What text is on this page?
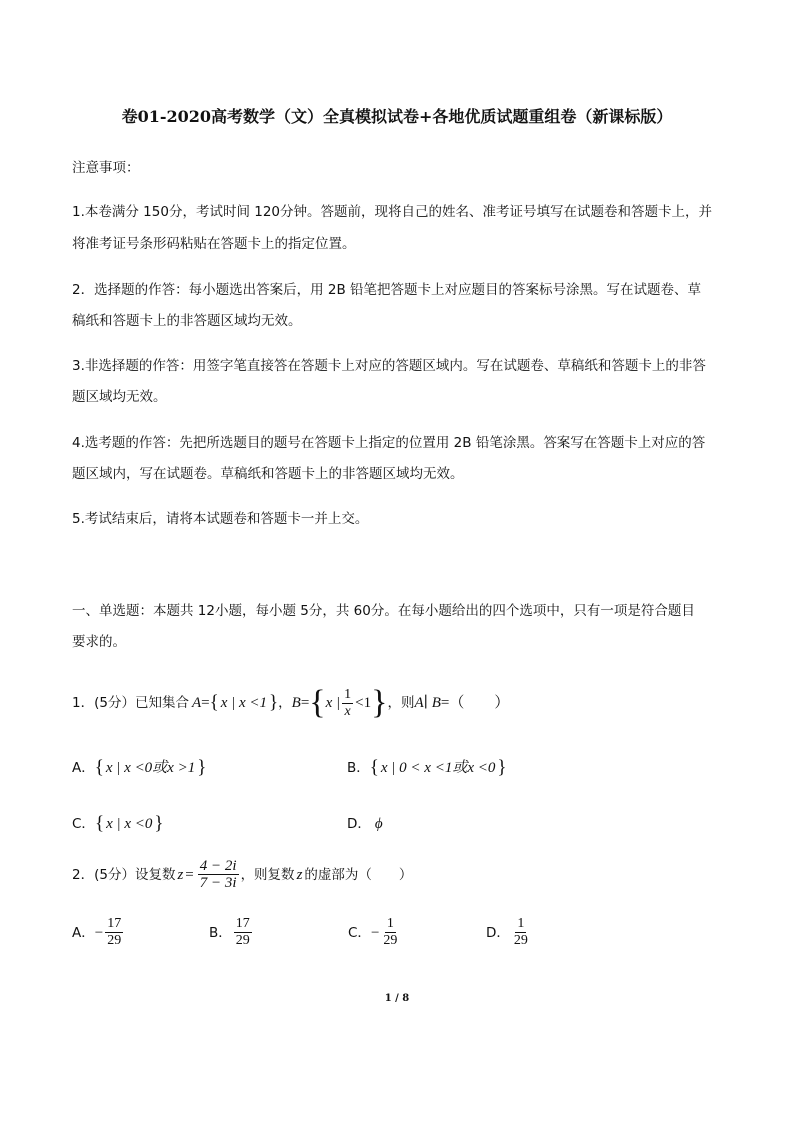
卷01-2020高考数学（文）全真模拟试卷+各地优质试题重组卷（新课标版）
注意事项：
1.本卷满分 150分，考试时间 120分钟。答题前，现将自己的姓名、准考证号填写在试题卷和答题卡上，并
将准考证号条形码粘贴在答题卡上的指定位置。
2．选择题的作答：每小题选出答案后，用 2B 铅笔把答题卡上对应题目的答案标号涂黑。写在试题卷、草
稿纸和答题卡上的非答题区域均无效。
3.非选择题的作答：用签字笔直接答在答题卡上对应的答题区域内。写在试题卷、草稿纸和答题卡上的非答
题区域均无效。
4.选考题的作答：先把所选题目的题号在答题卡上指定的位置用 2B 铅笔涂黑。答案写在答题卡上对应的答
题区域内，写在试题卷。草稿纸和答题卡上的非答题区域均无效。
5.考试结束后，请将本试题卷和答题卡一并上交。
一、单选题：本题共 12小题，每小题 5分，共 60分。在每小题给出的四个选项中，只有一项是符合题目
要求的。
1．(5分）已知集合 A = { x | x <1 } ， B = { x | $\frac{1}{x} <1$ } ，则 A∣ B =（　　）
A． { x | x <0或x >1 }	B． { x | 0 < x <1或x <0 }
C． { x | x <0 }	D． ϕ
2．(5分）设复数 $z = \frac{4 - 2i}{7 - 3i}$ ，则复数 z 的虚部为（　　）
A． − $\frac{17}{29}$	B． $\frac{17}{29}$	C． − $\frac{1}{29}$	D． $\frac{1}{29}$
1 / 8
